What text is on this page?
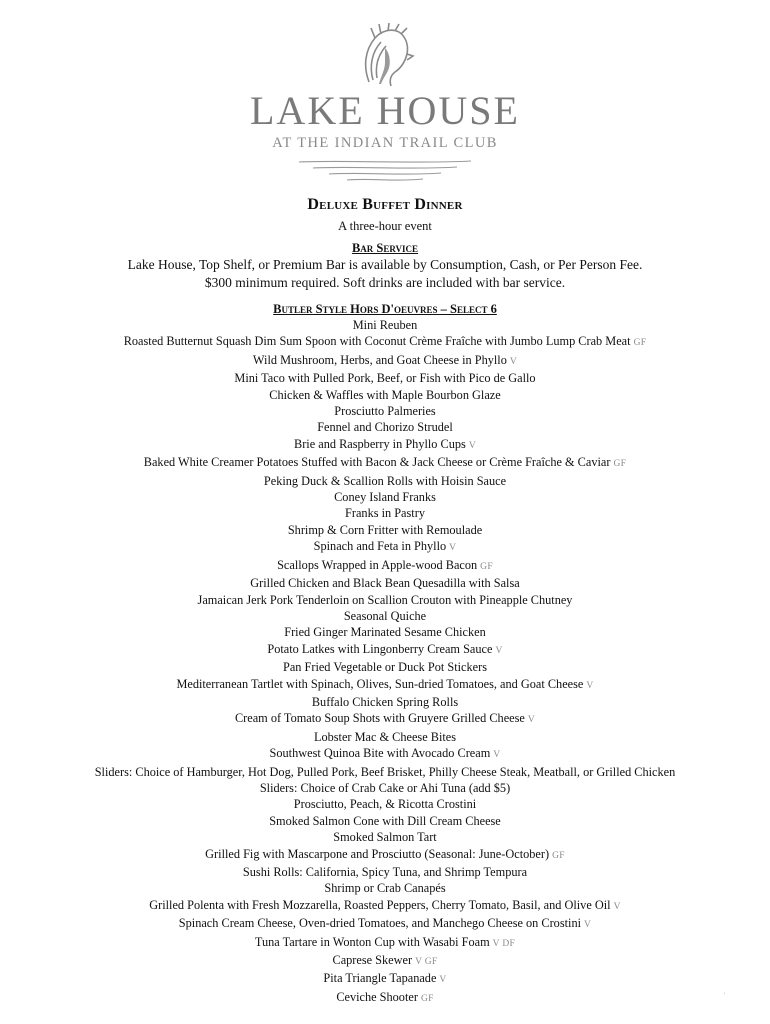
LAKE HOUSE
AT THE INDIAN TRAIL CLUB
Deluxe Buffet Dinner
A three-hour event
Bar Service
Lake House, Top Shelf, or Premium Bar is available by Consumption, Cash, or Per Person Fee.
$300 minimum required. Soft drinks are included with bar service.
Butler Style Hors D'oeuvres – Select 6
Mini Reuben
Roasted Butternut Squash Dim Sum Spoon with Coconut Crème Fraîche with Jumbo Lump Crab Meat GF
Wild Mushroom, Herbs, and Goat Cheese in Phyllo V
Mini Taco with Pulled Pork, Beef, or Fish with Pico de Gallo
Chicken & Waffles with Maple Bourbon Glaze
Prosciutto Palmeries
Fennel and Chorizo Strudel
Brie and Raspberry in Phyllo Cups V
Baked White Creamer Potatoes Stuffed with Bacon & Jack Cheese or Crème Fraîche & Caviar GF
Peking Duck & Scallion Rolls with Hoisin Sauce
Coney Island Franks
Franks in Pastry
Shrimp & Corn Fritter with Remoulade
Spinach and Feta in Phyllo V
Scallops Wrapped in Apple-wood Bacon GF
Grilled Chicken and Black Bean Quesadilla with Salsa
Jamaican Jerk Pork Tenderloin on Scallion Crouton with Pineapple Chutney
Seasonal Quiche
Fried Ginger Marinated Sesame Chicken
Potato Latkes with Lingonberry Cream Sauce V
Pan Fried Vegetable or Duck Pot Stickers
Mediterranean Tartlet with Spinach, Olives, Sun-dried Tomatoes, and Goat Cheese V
Buffalo Chicken Spring Rolls
Cream of Tomato Soup Shots with Gruyere Grilled Cheese V
Lobster Mac & Cheese Bites
Southwest Quinoa Bite with Avocado Cream V
Sliders: Choice of Hamburger, Hot Dog, Pulled Pork, Beef Brisket, Philly Cheese Steak, Meatball, or Grilled Chicken
Sliders: Choice of Crab Cake or Ahi Tuna (add $5)
Prosciutto, Peach, & Ricotta Crostini
Smoked Salmon Cone with Dill Cream Cheese
Smoked Salmon Tart
Grilled Fig with Mascarpone and Prosciutto (Seasonal: June-October) GF
Sushi Rolls: California, Spicy Tuna, and Shrimp Tempura
Shrimp or Crab Canapés
Grilled Polenta with Fresh Mozzarella, Roasted Peppers, Cherry Tomato, Basil, and Olive Oil V
Spinach Cream Cheese, Oven-dried Tomatoes, and Manchego Cheese on Crostini V
Tuna Tartare in Wonton Cup with Wasabi Foam V DF
Caprese Skewer V GF
Pita Triangle Tapanade V
Ceviche Shooter GF
ˌ
